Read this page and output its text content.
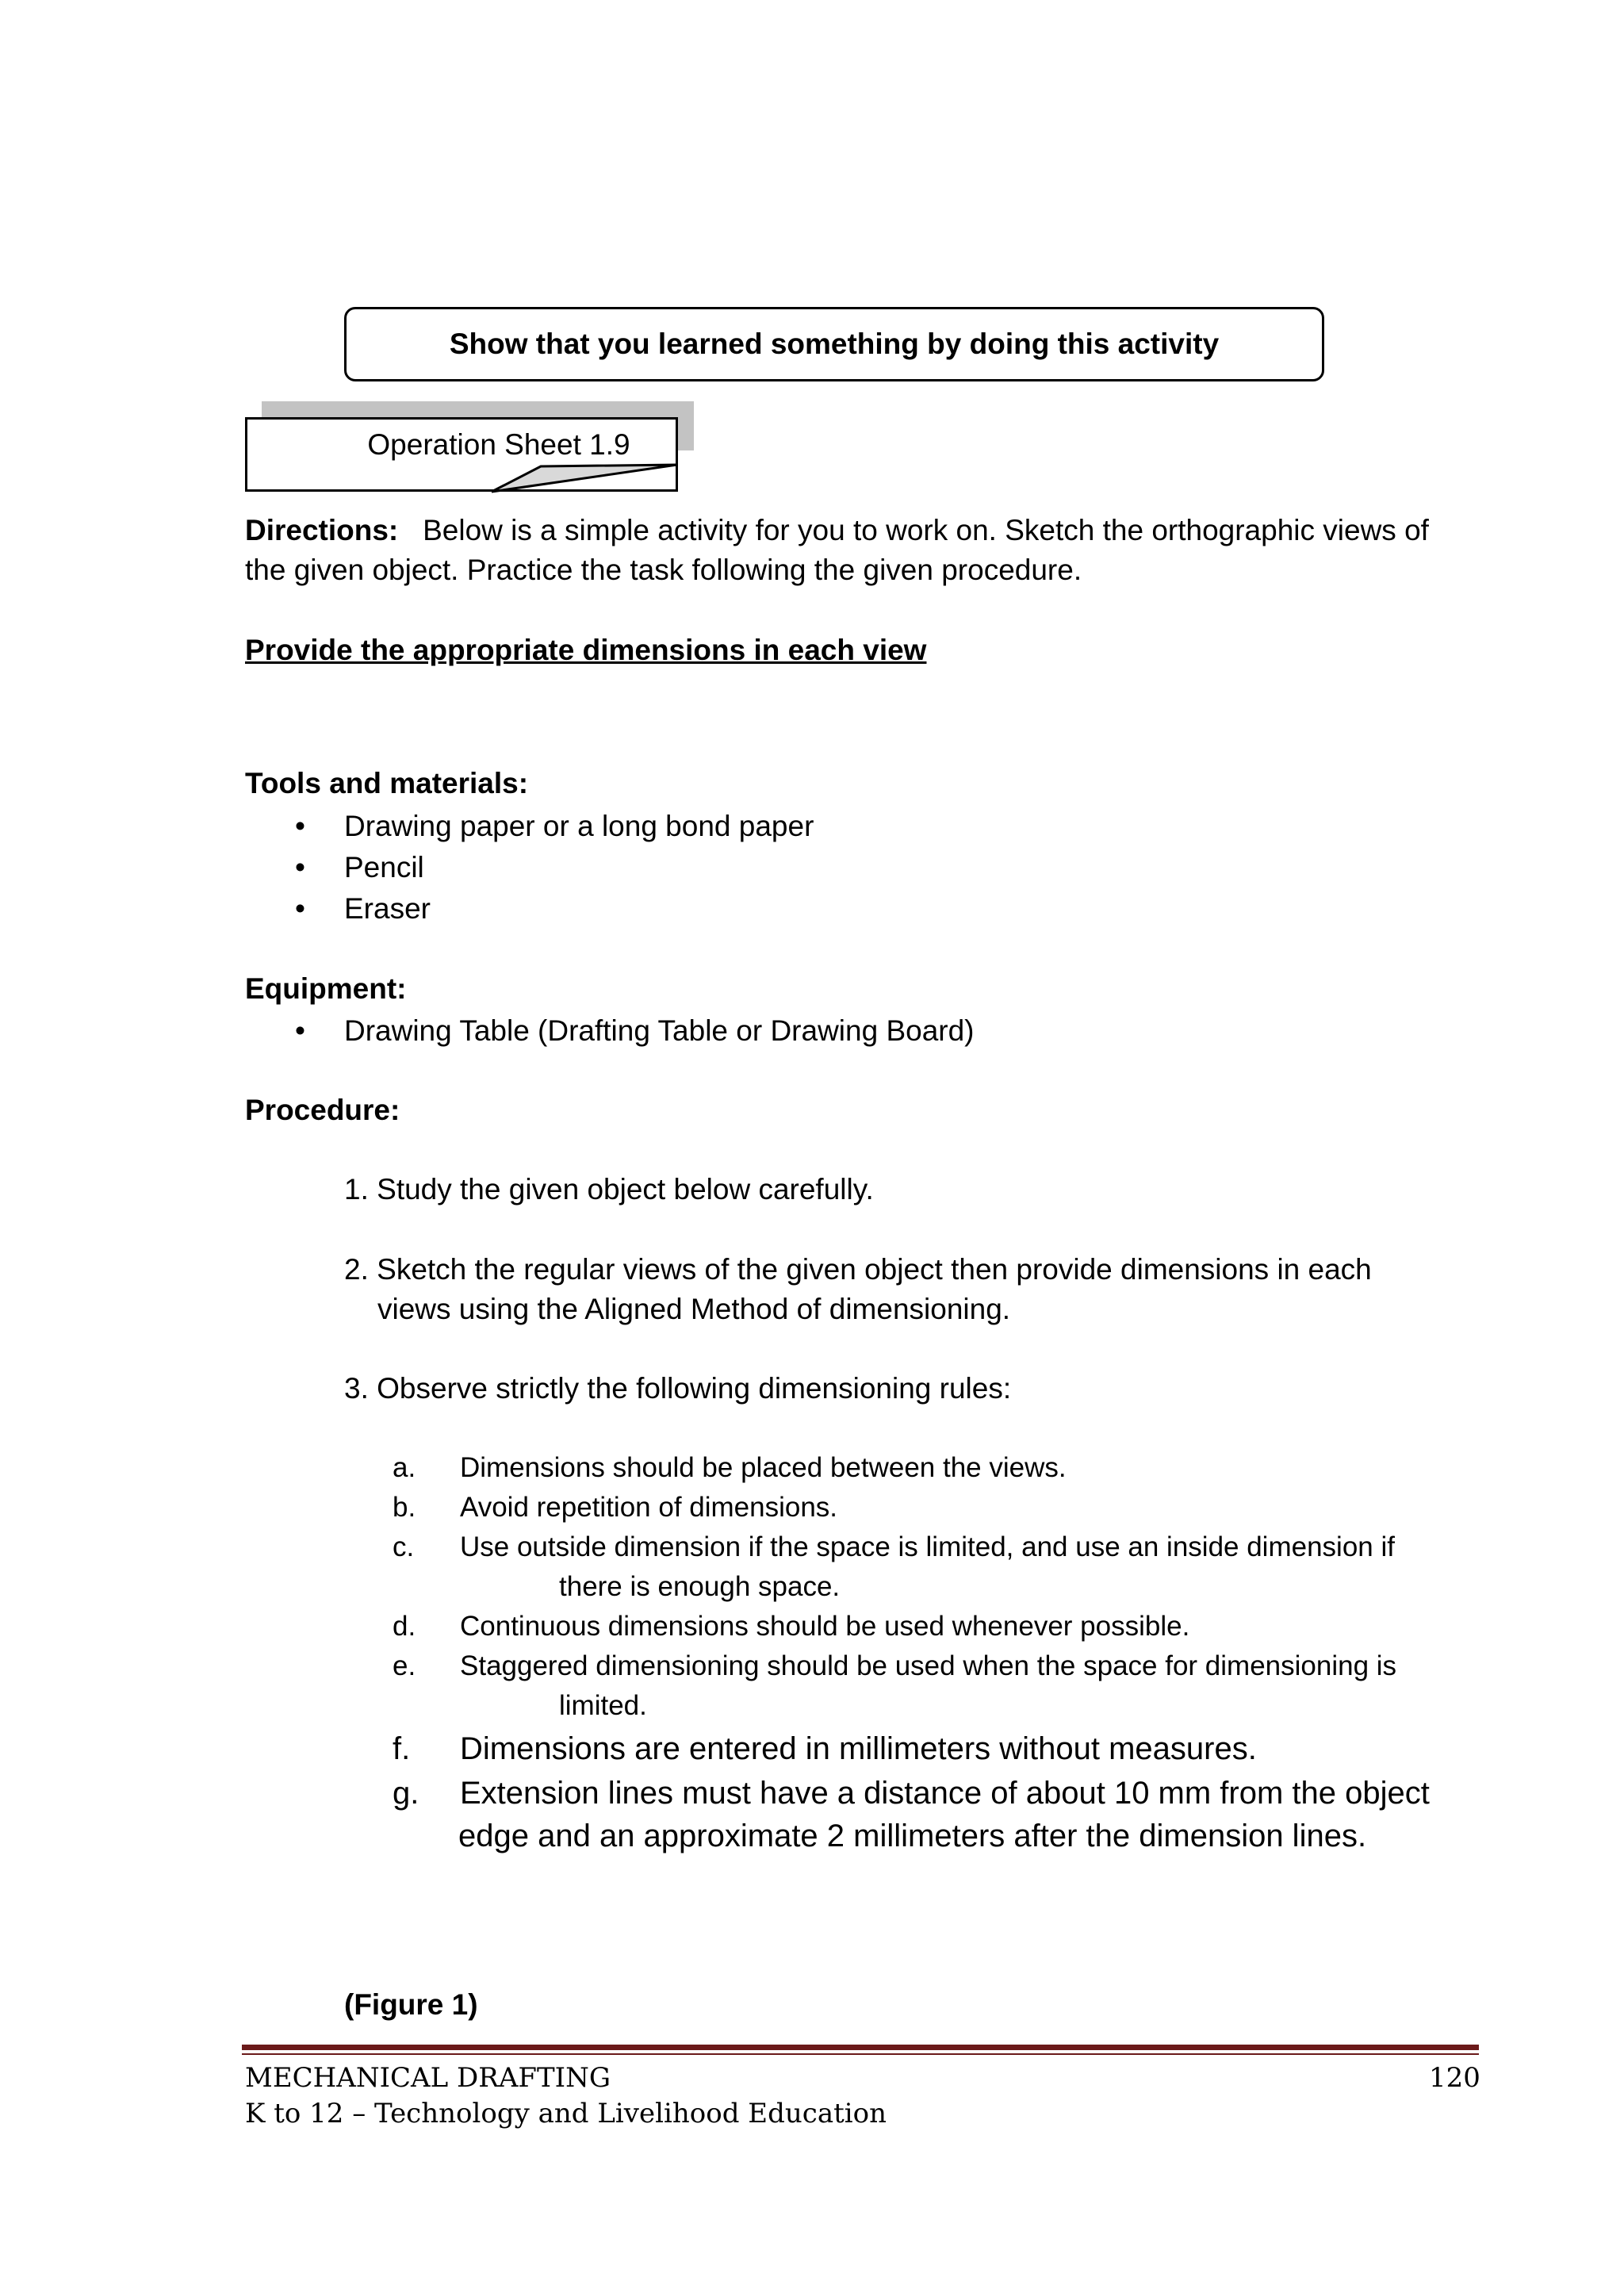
Show that you learned something by doing this activity
Operation Sheet 1.9
Directions: Below is a simple activity for you to work on. Sketch the orthographic views of
the given object. Practice the task following the given procedure.
Provide the appropriate dimensions in each view
Tools and materials:
• Drawing paper or a long bond paper
• Pencil
• Eraser
Equipment:
• Drawing Table (Drafting Table or Drawing Board)
Procedure:
1. Study the given object below carefully.
2. Sketch the regular views of the given object then provide dimensions in each
views using the Aligned Method of dimensioning.
3. Observe strictly the following dimensioning rules:
a. Dimensions should be placed between the views.
b. Avoid repetition of dimensions.
c. Use outside dimension if the space is limited, and use an inside dimension if
there is enough space.
d. Continuous dimensions should be used whenever possible.
e. Staggered dimensioning should be used when the space for dimensioning is
limited.
f. Dimensions are entered in millimeters without measures.
g. Extension lines must have a distance of about 10 mm from the object
edge and an approximate 2 millimeters after the dimension lines.
(Figure 1)
MECHANICAL DRAFTING	120
K to 12 – Technology and Livelihood Education
